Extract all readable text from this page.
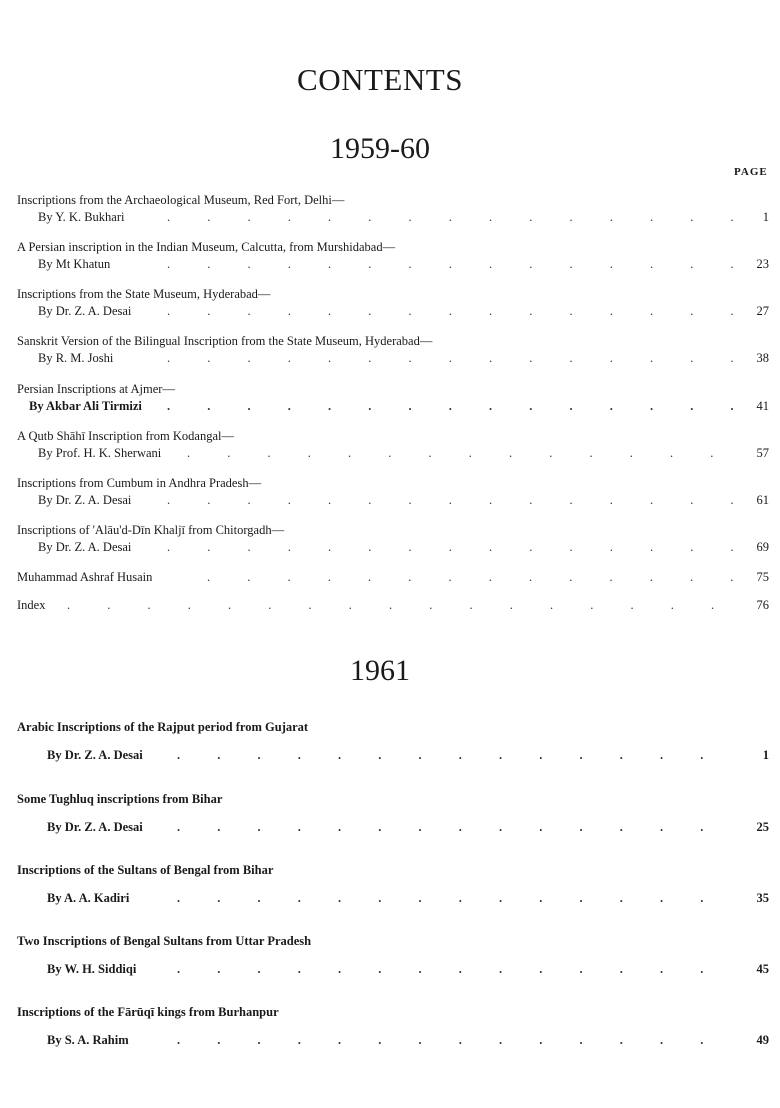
CONTENTS
1959-60
PAGE
Inscriptions from the Archaeological Museum, Red Fort, Delhi—
By Y. K. Bukhari . . .	1
A Persian inscription in the Indian Museum, Calcutta, from Murshidabad—
By Mt Khatun . . .	23
Inscriptions from the State Museum, Hyderabad—
By Dr. Z. A. Desai . . .	27
Sanskrit Version of the Bilingual Inscription from the State Museum, Hyderabad—
By R. M. Joshi . . .	38
Persian Inscriptions at Ajmer—
By Akbar Ali Tirmizi . . .	41
A Qutb Shāhī Inscription from Kodangal—
By Prof. H. K. Sherwani . . .	57
Inscriptions from Cumbum in Andhra Pradesh—
By Dr. Z. A. Desai . . .	61
Inscriptions of 'Alāu'd-Dīn Khaljī from Chitorgadh—
By Dr. Z. A. Desai . . .	69
Muhammad Ashraf Husain . . .	75
Index . . .	76
1961
Arabic Inscriptions of the Rajput period from Gujarat
By Dr. Z. A. Desai . . .	1
Some Tughluq inscriptions from Bihar
By Dr. Z. A. Desai . . .	25
Inscriptions of the Sultans of Bengal from Bihar
By A. A. Kadiri . . .	35
Two Inscriptions of Bengal Sultans from Uttar Pradesh
By W. H. Siddiqi . . .	45
Inscriptions of the Fārūqī kings from Burhanpur
By S. A. Rahim . . .	49
